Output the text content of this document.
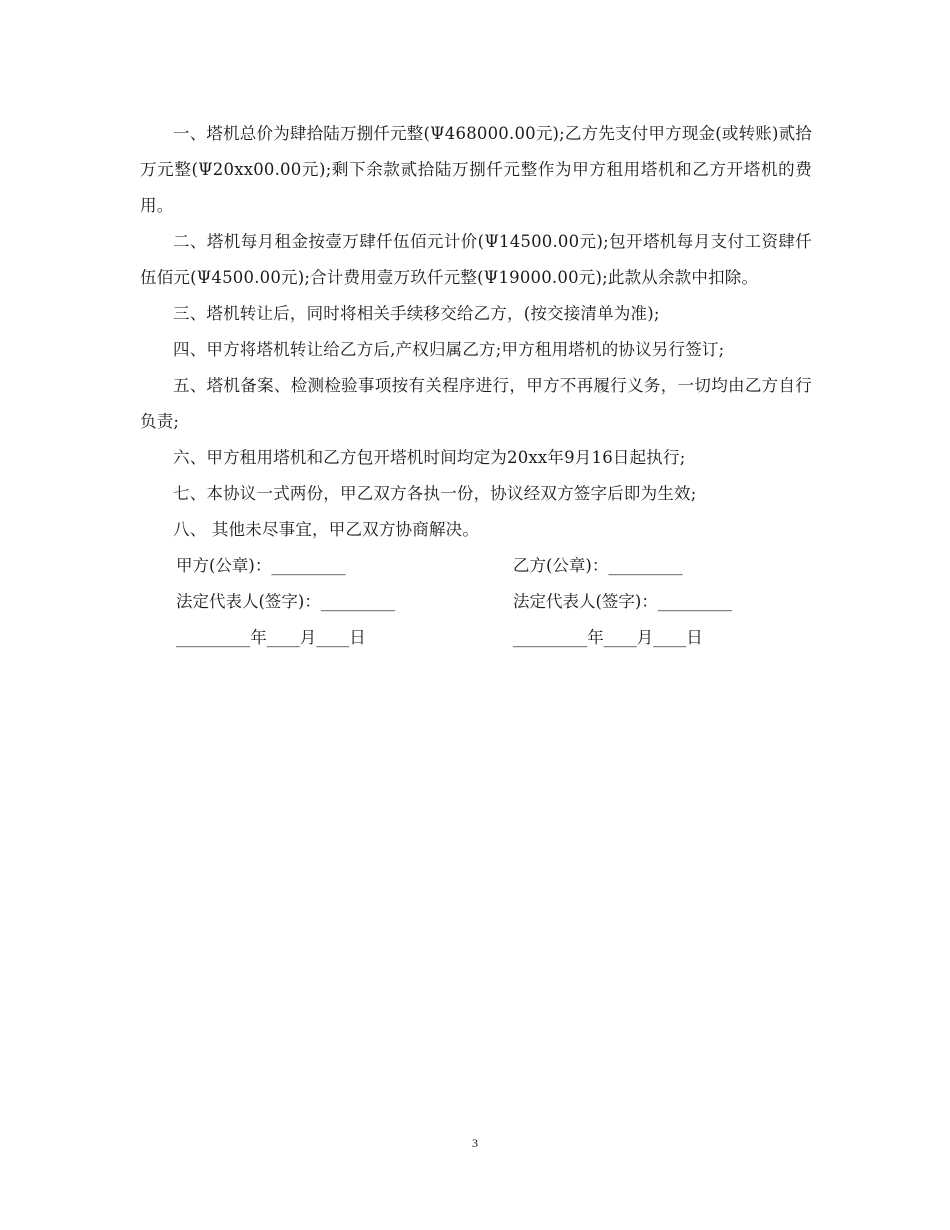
一、塔机总价为肆拾陆万捌仟元整(Ψ468000.00元);乙方先支付甲方现金(或转账)贰拾万元整(Ψ20xx00.00元);剩下余款贰拾陆万捌仟元整作为甲方租用塔机和乙方开塔机的费用。

二、塔机每月租金按壹万肆仟伍佰元计价(Ψ14500.00元);包开塔机每月支付工资肆仟伍佰元(Ψ4500.00元);合计费用壹万玖仟元整(Ψ19000.00元);此款从余款中扣除。

三、塔机转让后，同时将相关手续移交给乙方，(按交接清单为准);

四、甲方将塔机转让给乙方后,产权归属乙方;甲方租用塔机的协议另行签订;

五、塔机备案、检测检验事项按有关程序进行，甲方不再履行义务，一切均由乙方自行负责;

六、甲方租用塔机和乙方包开塔机时间均定为20xx年9月16日起执行;

七、本协议一式两份，甲乙双方各执一份，协议经双方签字后即为生效;

八、 其他未尽事宜，甲乙双方协商解决。

甲方(公章)：_________	乙方(公章)：_________
法定代表人(签字)：_________	法定代表人(签字)：_________
_________年____月____日	_________年____月____日
3
